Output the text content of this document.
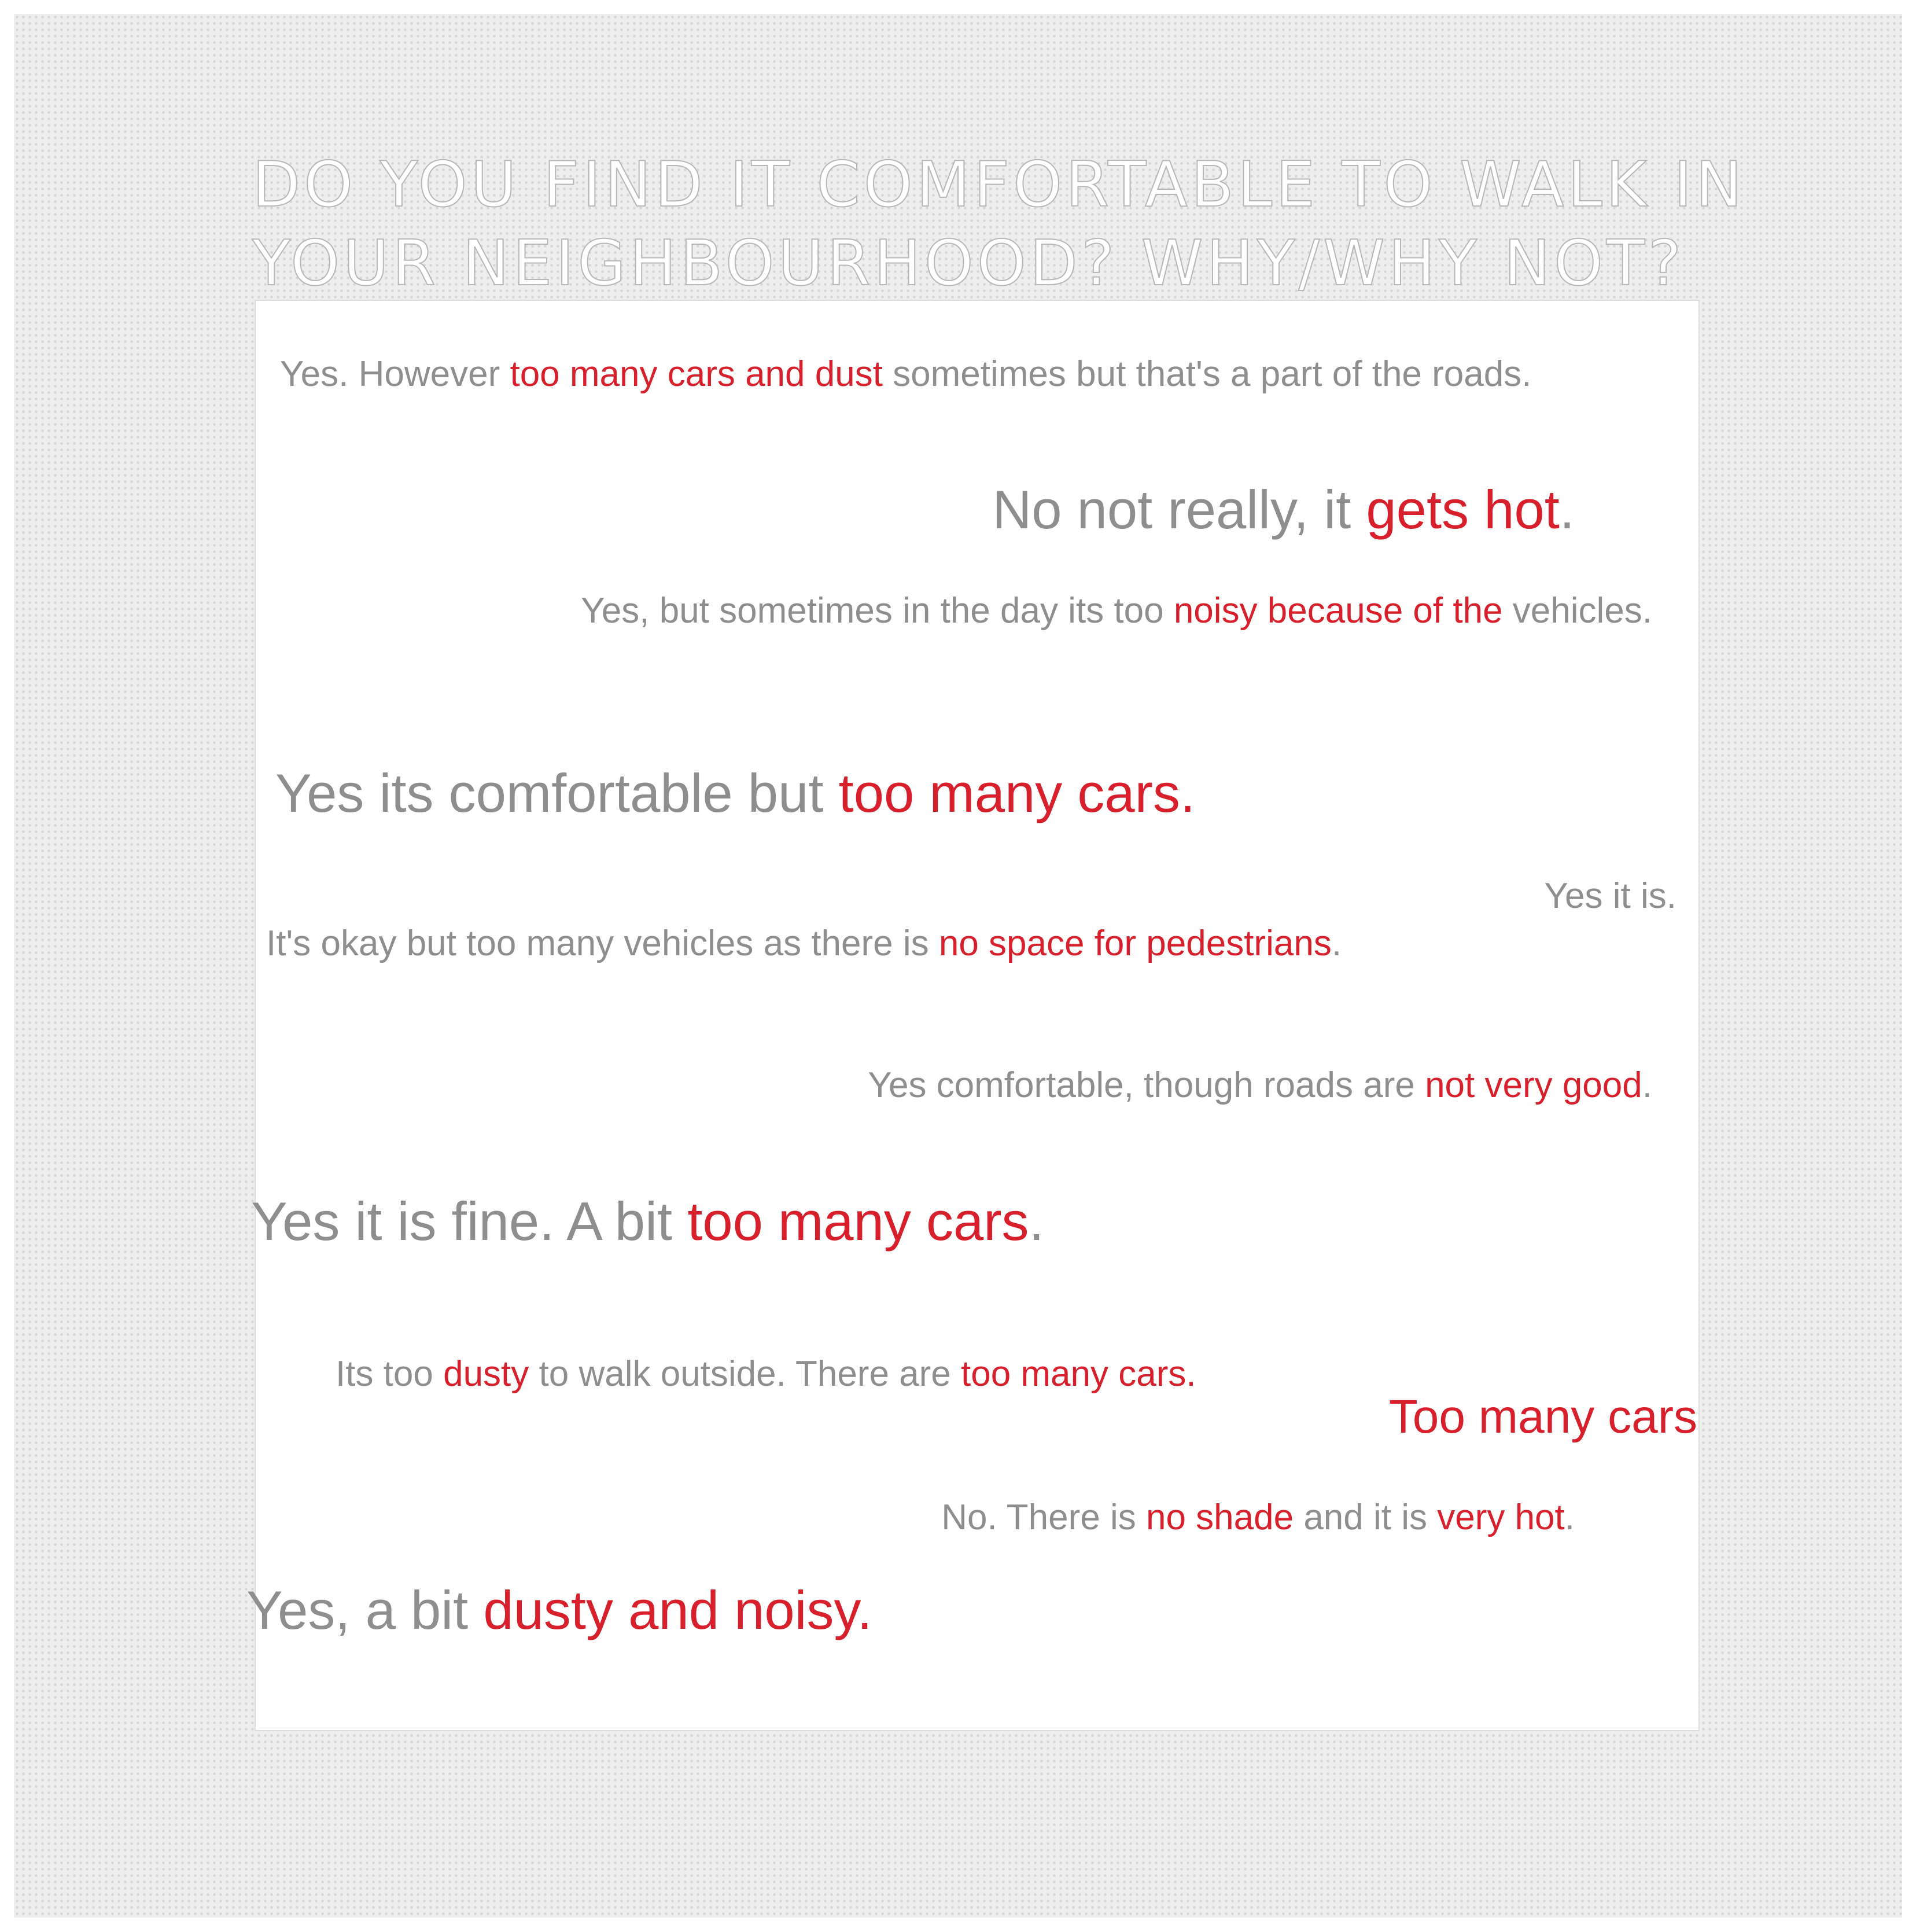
DO YOU FIND IT COMFORTABLE TO WALK IN YOUR NEIGHBOURHOOD? WHY/WHY NOT?

Yes. However too many cars and dust sometimes but that's a part of the roads.

No not really, it gets hot.

Yes, but sometimes in the day its too noisy because of the vehicles.

Yes its comfortable but too many cars.

Yes it is.

It's okay but too many vehicles as there is no space for pedestrians.

Yes comfortable, though roads are not very good.

Yes it is fine. A bit too many cars.

Its too dusty to walk outside. There are too many cars.

Too many cars

No. There is no shade and it is very hot.

Yes, a bit dusty and noisy.
